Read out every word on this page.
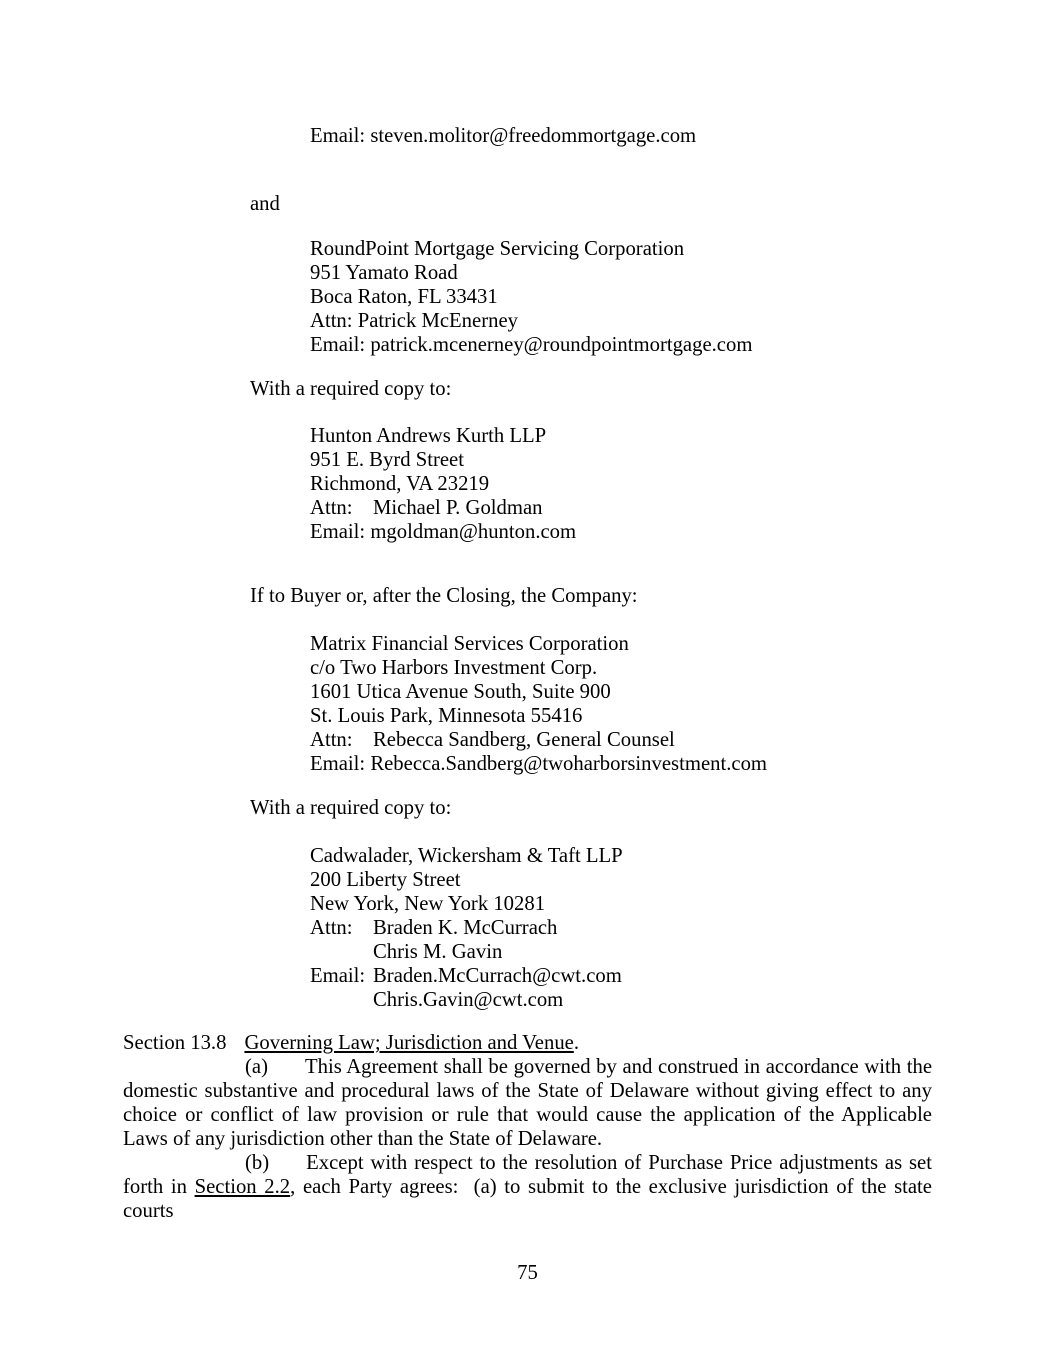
Email: steven.molitor@freedommortgage.com
and
RoundPoint Mortgage Servicing Corporation
951 Yamato Road
Boca Raton, FL 33431
Attn: Patrick McEnerney
Email: patrick.mcenerney@roundpointmortgage.com
With a required copy to:
Hunton Andrews Kurth LLP
951 E. Byrd Street
Richmond, VA 23219
Attn: Michael P. Goldman
Email: mgoldman@hunton.com
If to Buyer or, after the Closing, the Company:
Matrix Financial Services Corporation
c/o Two Harbors Investment Corp.
1601 Utica Avenue South, Suite 900
St. Louis Park, Minnesota 55416
Attn: Rebecca Sandberg, General Counsel
Email: Rebecca.Sandberg@twoharborsinvestment.com
With a required copy to:
Cadwalader, Wickersham & Taft LLP
200 Liberty Street
New York, New York 10281
Attn: Braden K. McCurrach
Chris M. Gavin
Email: Braden.McCurrach@cwt.com
Chris.Gavin@cwt.com
Section 13.8 Governing Law; Jurisdiction and Venue.

(a) This Agreement shall be governed by and construed in accordance with the domestic substantive and procedural laws of the State of Delaware without giving effect to any choice or conflict of law provision or rule that would cause the application of the Applicable Laws of any jurisdiction other than the State of Delaware.

(b) Except with respect to the resolution of Purchase Price adjustments as set forth in Section 2.2, each Party agrees:  (a) to submit to the exclusive jurisdiction of the state courts

75
